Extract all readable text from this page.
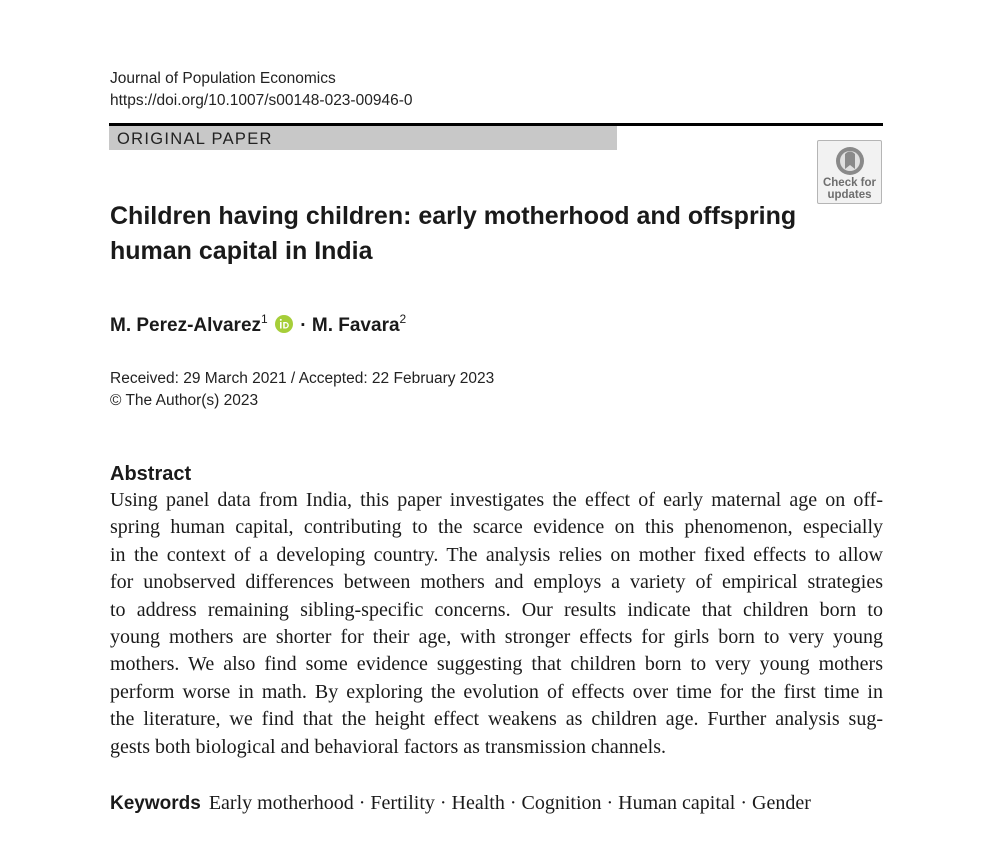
Journal of Population Economics
https://doi.org/10.1007/s00148-023-00946-0
ORIGINAL PAPER
Check for
updates
Children having children: early motherhood and offspring
human capital in India
M. Perez-Alvarez$^1$ · M. Favara$^2$
Received: 29 March 2021 / Accepted: 22 February 2023
© The Author(s) 2023
Abstract
Using panel data from India, this paper investigates the effect of early maternal age on off-
spring human capital, contributing to the scarce evidence on this phenomenon, especially
in the context of a developing country. The analysis relies on mother fixed effects to allow
for unobserved differences between mothers and employs a variety of empirical strategies
to address remaining sibling-specific concerns. Our results indicate that children born to
young mothers are shorter for their age, with stronger effects for girls born to very young
mothers. We also find some evidence suggesting that children born to very young mothers
perform worse in math. By exploring the evolution of effects over time for the first time in
the literature, we find that the height effect weakens as children age. Further analysis sug-
gests both biological and behavioral factors as transmission channels.
Keywords Early motherhood · Fertility · Health · Cognition · Human capital · Gender
